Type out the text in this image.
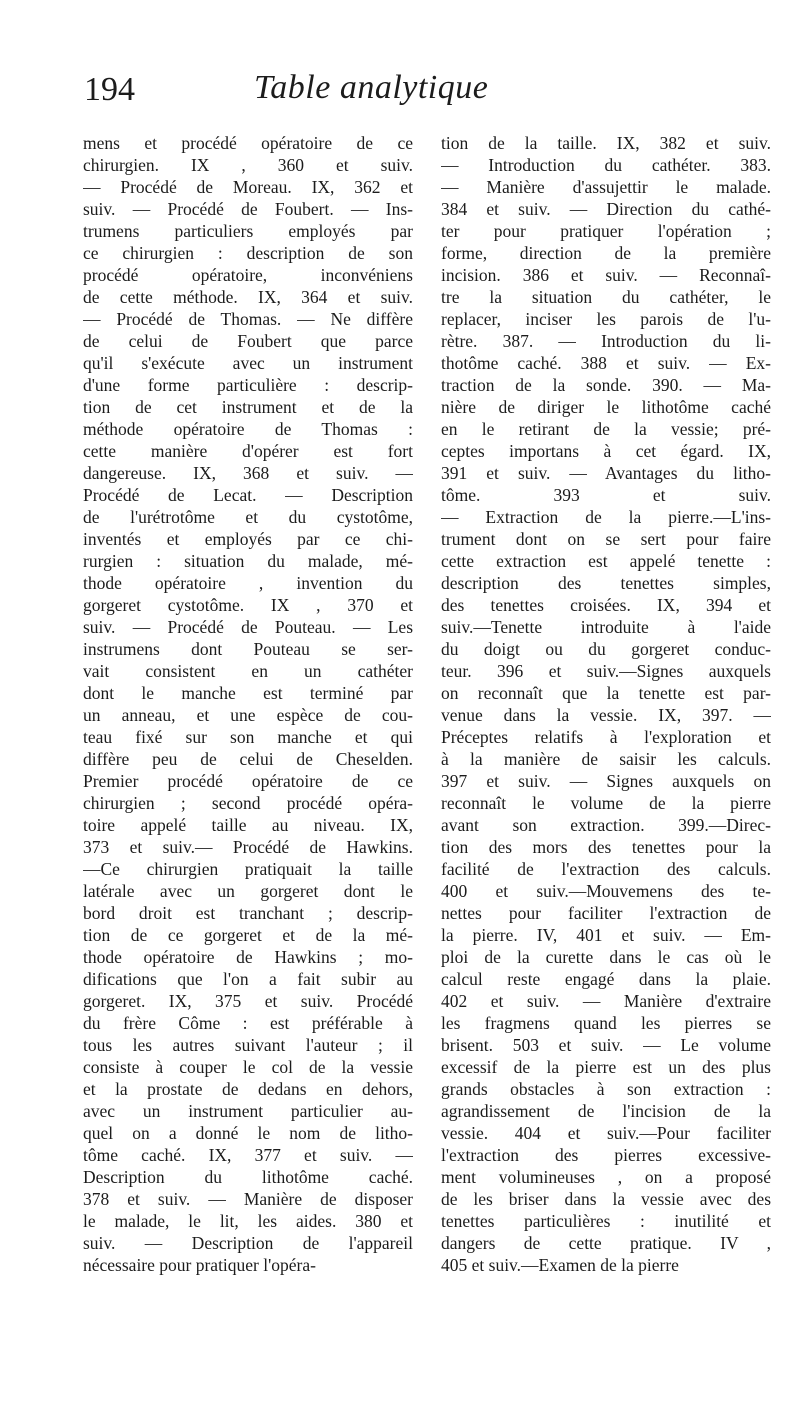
194	Table analytique
mens et procédé opératoire de ce
chirurgien. IX , 360 et suiv.
— Procédé de Moreau. IX, 362 et
suiv. — Procédé de Foubert. — Ins-
trumens particuliers employés par
ce chirurgien : description de son
procédé opératoire, inconvéniens
de cette méthode. IX, 364 et suiv.
— Procédé de Thomas. — Ne diffère
de celui de Foubert que parce
qu'il s'exécute avec un instrument
d'une forme particulière : descrip-
tion de cet instrument et de la
méthode opératoire de Thomas :
cette manière d'opérer est fort
dangereuse. IX, 368 et suiv. —
Procédé de Lecat. — Description
de l'urétrotôme et du cystotôme,
inventés et employés par ce chi-
rurgien : situation du malade, mé-
thode opératoire , invention du
gorgeret cystotôme. IX , 370 et
suiv. — Procédé de Pouteau. — Les
instrumens dont Pouteau se ser-
vait consistent en un cathéter
dont le manche est terminé par
un anneau, et une espèce de cou-
teau fixé sur son manche et qui
diffère peu de celui de Cheselden.
Premier procédé opératoire de ce
chirurgien ; second procédé opéra-
toire appelé taille au niveau. IX,
373 et suiv.— Procédé de Hawkins.
—Ce chirurgien pratiquait la taille
latérale avec un gorgeret dont le
bord droit est tranchant ; descrip-
tion de ce gorgeret et de la mé-
thode opératoire de Hawkins ; mo-
difications que l'on a fait subir au
gorgeret. IX, 375 et suiv. Procédé
du frère Côme : est préférable à
tous les autres suivant l'auteur ; il
consiste à couper le col de la vessie
et la prostate de dedans en dehors,
avec un instrument particulier au-
quel on a donné le nom de litho-
tôme caché. IX, 377 et suiv. —
Description du lithotôme caché.
378 et suiv. — Manière de disposer
le malade, le lit, les aides. 380 et
suiv. — Description de l'appareil
nécessaire pour pratiquer l'opéra-
tion de la taille. IX, 382 et suiv.
— Introduction du cathéter. 383.
— Manière d'assujettir le malade.
384 et suiv. — Direction du cathé-
ter pour pratiquer l'opération ;
forme, direction de la première
incision. 386 et suiv. — Reconnaî-
tre la situation du cathéter, le
replacer, inciser les parois de l'u-
rètre. 387. — Introduction du li-
thotôme caché. 388 et suiv. — Ex-
traction de la sonde. 390. — Ma-
nière de diriger le lithotôme caché
en le retirant de la vessie; pré-
ceptes importans à cet égard. IX,
391 et suiv. — Avantages du litho-
tôme. 393 et suiv.
— Extraction de la pierre.—L'ins-
trument dont on se sert pour faire
cette extraction est appelé tenette :
description des tenettes simples,
des tenettes croisées. IX, 394 et
suiv.—Tenette introduite à l'aide
du doigt ou du gorgeret conduc-
teur. 396 et suiv.—Signes auxquels
on reconnaît que la tenette est par-
venue dans la vessie. IX, 397. —
Préceptes relatifs à l'exploration et
à la manière de saisir les calculs.
397 et suiv. — Signes auxquels on
reconnaît le volume de la pierre
avant son extraction. 399.—Direc-
tion des mors des tenettes pour la
facilité de l'extraction des calculs.
400 et suiv.—Mouvemens des te-
nettes pour faciliter l'extraction de
la pierre. IV, 401 et suiv. — Em-
ploi de la curette dans le cas où le
calcul reste engagé dans la plaie.
402 et suiv. — Manière d'extraire
les fragmens quand les pierres se
brisent. 503 et suiv. — Le volume
excessif de la pierre est un des plus
grands obstacles à son extraction :
agrandissement de l'incision de la
vessie. 404 et suiv.—Pour faciliter
l'extraction des pierres excessive-
ment volumineuses , on a proposé
de les briser dans la vessie avec des
tenettes particulières : inutilité et
dangers de cette pratique. IV ,
405 et suiv.—Examen de la pierre
